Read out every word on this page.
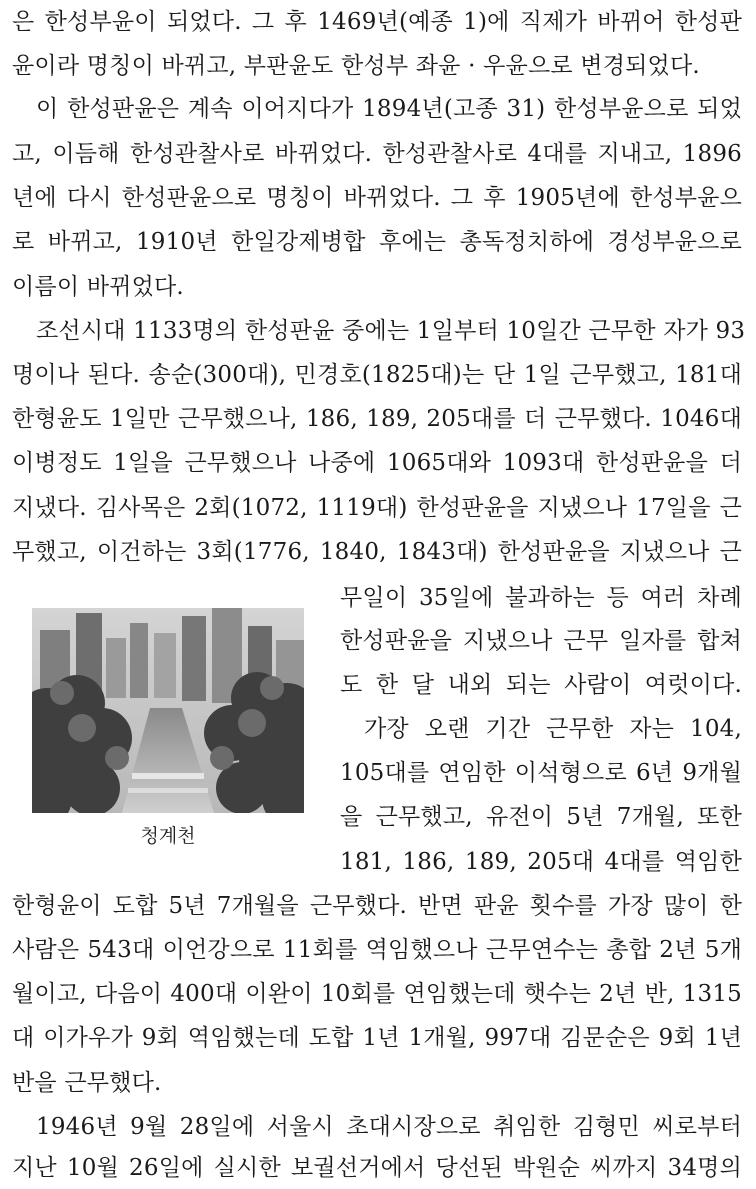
은 한성부윤이 되었다. 그 후 1469년(예종 1)에 직제가 바뀌어 한성판
윤이라 명칭이 바뀌고, 부판윤도 한성부 좌윤 · 우윤으로 변경되었다.
이 한성판윤은 계속 이어지다가 1894년(고종 31) 한성부윤으로 되었
고, 이듬해 한성관찰사로 바뀌었다. 한성관찰사로 4대를 지내고, 1896
년에 다시 한성판윤으로 명칭이 바뀌었다. 그 후 1905년에 한성부윤으
로 바뀌고, 1910년 한일강제병합 후에는 총독정치하에 경성부윤으로
이름이 바뀌었다.
조선시대 1133명의 한성판윤 중에는 1일부터 10일간 근무한 자가 93
명이나 된다. 송순(300대), 민경호(1825대)는 단 1일 근무했고, 181대
한형윤도 1일만 근무했으나, 186, 189, 205대를 더 근무했다. 1046대
이병정도 1일을 근무했으나 나중에 1065대와 1093대 한성판윤을 더
지냈다. 김사목은 2회(1072, 1119대) 한성판윤을 지냈으나 17일을 근
무했고, 이건하는 3회(1776, 1840, 1843대) 한성판윤을 지냈으나 근
청계천
무일이 35일에 불과하는 등 여러 차례
한성판윤을 지냈으나 근무 일자를 합쳐
도 한 달 내외 되는 사람이 여럿이다.
가장 오랜 기간 근무한 자는 104,
105대를 연임한 이석형으로 6년 9개월
을 근무했고, 유전이 5년 7개월, 또한
181, 186, 189, 205대 4대를 역임한
한형윤이 도합 5년 7개월을 근무했다. 반면 판윤 횟수를 가장 많이 한
사람은 543대 이언강으로 11회를 역임했으나 근무연수는 총합 2년 5개
월이고, 다음이 400대 이완이 10회를 연임했는데 햇수는 2년 반, 1315
대 이가우가 9회 역임했는데 도합 1년 1개월, 997대 김문순은 9회 1년
반을 근무했다.
1946년 9월 28일에 서울시 초대시장으로 취임한 김형민 씨로부터
지난 10월 26일에 실시한 보궐선거에서 당선된 박원순 씨까지 34명의
